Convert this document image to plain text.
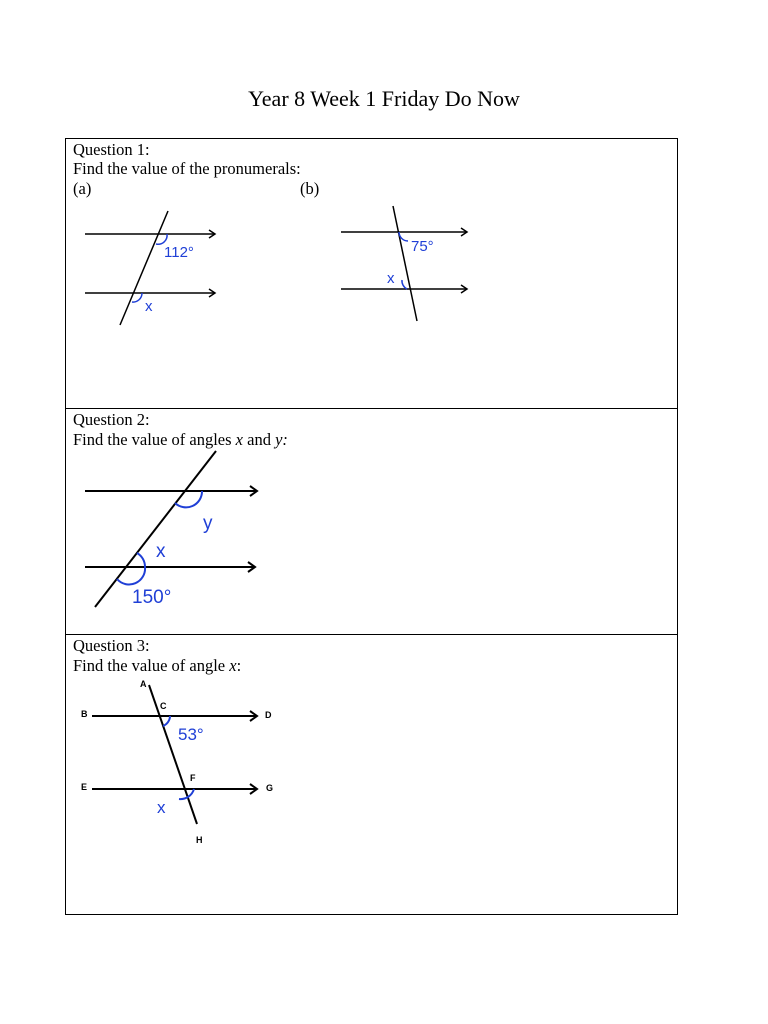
Year 8 Week 1 Friday Do Now
Question 1:
Find the value of the pronumerals:
(a)	(b)
112°
x
75°
x
Question 2:
Find the value of angles x and y:
y
x
150°
Question 3:
Find the value of angle x:
A
B
C
D
E
F
G
H
53°
x
